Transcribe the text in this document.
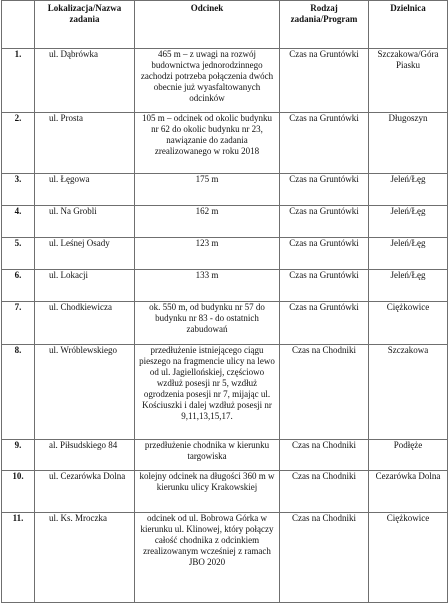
	Lokalizacja/Nazwa zadania	Odcinek	Rodzaj zadania/Program	Dzielnica
1.	ul. Dąbrówka	465 m – z uwagi na rozwój budownictwa jednorodzinnego zachodzi potrzeba połączenia dwóch obecnie już wyasfaltowanych odcinków	Czas na Gruntówki	Szczakowa/Góra Piasku
2.	ul. Prosta	105 m – odcinek od okolic budynku nr 62 do okolic budynku nr 23, nawiązanie do zadania zrealizowanego w roku 2018	Czas na Gruntówki	Długoszyn
3.	ul. Łęgowa	175 m	Czas na Gruntówki	Jeleń/Łęg
4.	ul. Na Grobli	162 m	Czas na Gruntówki	Jeleń/Łęg
5.	ul. Leśnej Osady	123 m	Czas na Gruntówki	Jeleń/Łęg
6.	ul. Lokacji	133 m	Czas na Gruntówki	Jeleń/Łęg
7.	ul. Chodkiewicza	ok. 550 m, od budynku nr 57 do budynku nr 83 - do ostatnich zabudowań	Czas na Gruntówki	Ciężkowice
8.	ul. Wróblewskiego	przedłużenie istniejącego ciągu pieszego na fragmencie ulicy na lewo od ul. Jagiellońskiej, częściowo wzdłuż posesji nr 5, wzdłuż ogrodzenia posesji nr 7, mijając ul. Kościuszki i dalej wzdłuż posesji nr 9,11,13,15,17.	Czas na Chodniki	Szczakowa
9.	al. Piłsudskiego 84	przedłużenie chodnika w kierunku targowiska	Czas na Chodniki	Podłęże
10.	ul. Cezarówka Dolna	kolejny odcinek na długości 360 m w kierunku ulicy Krakowskiej	Czas na Chodniki	Cezarówka Dolna
11.	ul. Ks. Mroczka	odcinek od ul. Bobrowa Górka w kierunku ul. Klinowej, który połączy całość chodnika z odcinkiem zrealizowanym wcześniej z ramach JBO 2020	Czas na Chodniki	Ciężkowice
